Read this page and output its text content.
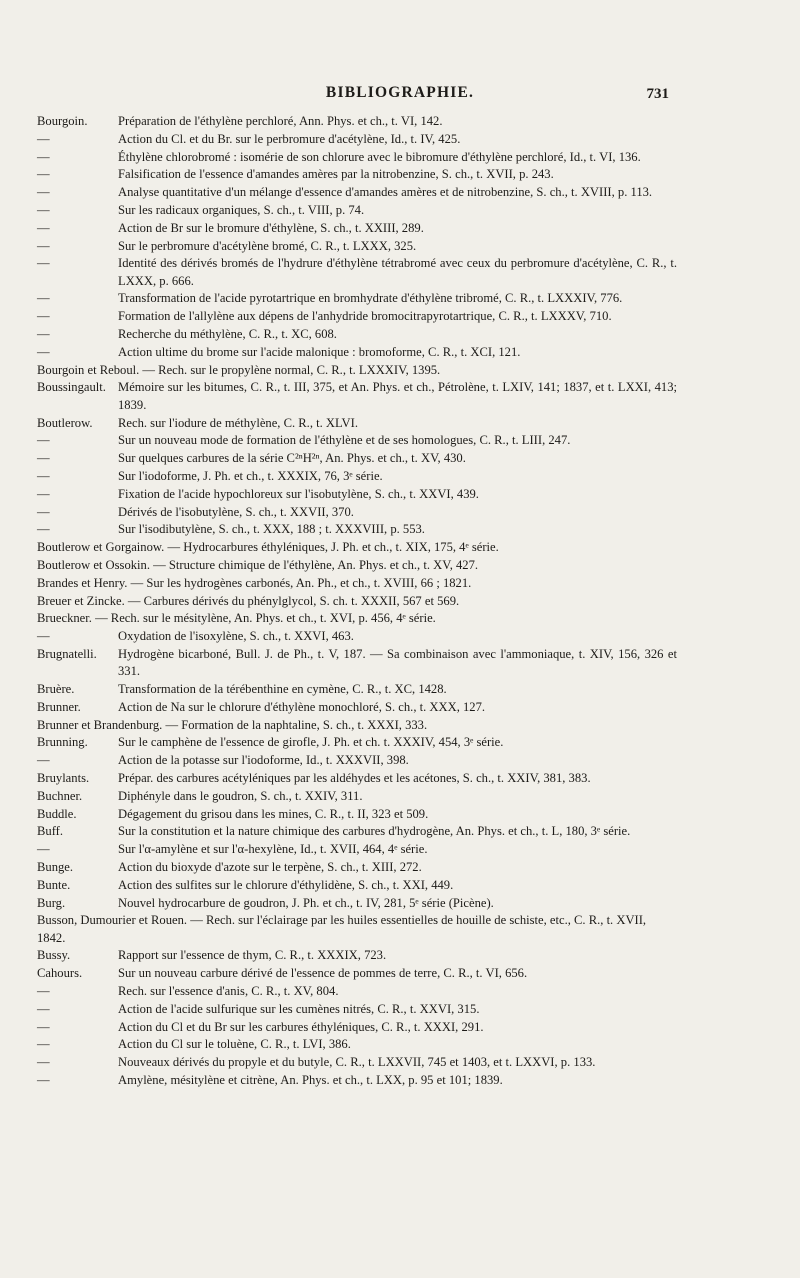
BIBLIOGRAPHIE.	731
Bourgoin. Préparation de l'éthylène perchloré, Ann. Phys. et ch., t. VI, 142.
—	Action du Cl. et du Br. sur le perbromure d'acétylène, Id., t. IV, 425.
—	Éthylène chlorobromé : isomérie de son chlorure avec le bibromure d'éthylène perchloré, Id., t. VI, 136.
—	Falsification de l'essence d'amandes amères par la nitrobenzine, S. ch., t. XVII, p. 243.
—	Analyse quantitative d'un mélange d'essence d'amandes amères et de nitrobenzine, S. ch., t. XVIII, p. 113.
—	Sur les radicaux organiques, S. ch., t. VIII, p. 74.
—	Action de Br sur le bromure d'éthylène, S. ch., t. XXIII, 289.
—	Sur le perbromure d'acétylène bromé, C. R., t. LXXX, 325.
—	Identité des dérivés bromés de l'hydrure d'éthylène tétrabromé avec ceux du perbromure d'acétylène, C. R., t. LXXX, p. 666.
—	Transformation de l'acide pyrotartrique en bromhydrate d'éthylène tribromé, C. R., t. LXXXIV, 776.
—	Formation de l'allylène aux dépens de l'anhydride bromocitrapyrotartrique, C. R., t. LXXXV, 710.
—	Recherche du méthylène, C. R., t. XC, 608.
—	Action ultime du brome sur l'acide malonique : bromoforme, C. R., t. XCI, 121.
Bourgoin et Reboul. — Rech. sur le propylène normal, C. R., t. LXXXIV, 1395.
Boussingault. Mémoire sur les bitumes, C. R., t. III, 375, et An. Phys. et ch., Pétrolène, t. LXIV, 141; 1837, et t. LXXI, 413; 1839.
Boutlerow. Rech. sur l'iodure de méthylène, C. R., t. XLVI.
—	Sur un nouveau mode de formation de l'éthylène et de ses homologues, C. R., t. LIII, 247.
—	Sur quelques carbures de la série C²ⁿH²ⁿ, An. Phys. et ch., t. XV, 430.
—	Sur l'iodoforme, J. Ph. et ch., t. XXXIX, 76, 3ᵉ série.
—	Fixation de l'acide hypochloreux sur l'isobutylène, S. ch., t. XXVI, 439.
—	Dérivés de l'isobutylène, S. ch., t. XXVII, 370.
—	Sur l'isodibutylène, S. ch., t. XXX, 188 ; t. XXXVIII, p. 553.
Boutlerow et Gorgainow. — Hydrocarbures éthyléniques, J. Ph. et ch., t. XIX, 175, 4ᵉ série.
Boutlerow et Ossokin. — Structure chimique de l'éthylène, An. Phys. et ch., t. XV, 427.
Brandes et Henry. — Sur les hydrogènes carbonés, An. Ph., et ch., t. XVIII, 66 ; 1821.
Breuer et Zincke. — Carbures dérivés du phénylglycol, S. ch. t. XXXII, 567 et 569.
Brueckner. — Rech. sur le mésitylène, An. Phys. et ch., t. XVI, p. 456, 4ᵉ série.
—	Oxydation de l'isoxylène, S. ch., t. XXVI, 463.
Brugnatelli. Hydrogène bicarboné, Bull. J. de Ph., t. V, 187. — Sa combinaison avec l'ammoniaque, t. XIV, 156, 326 et 331.
Bruère.	Transformation de la térébenthine en cymène, C. R., t. XC, 1428.
Brunner.	Action de Na sur le chlorure d'éthylène monochloré, S. ch., t. XXX, 127.
Brunner et Brandenburg. — Formation de la naphtaline, S. ch., t. XXXI, 333.
Brunning. Sur le camphène de l'essence de girofle, J. Ph. et ch. t. XXXIV, 454, 3ᵉ série.
—	Action de la potasse sur l'iodoforme, Id., t. XXXVII, 398.
Bruylants. Prépar. des carbures acétyléniques par les aldéhydes et les acétones, S. ch., t. XXIV, 381, 383.
Buchner.	Diphényle dans le goudron, S. ch., t. XXIV, 311.
Buddle.	Dégagement du grisou dans les mines, C. R., t. II, 323 et 509.
Buff.	Sur la constitution et la nature chimique des carbures d'hydrogène, An. Phys. et ch., t. L, 180, 3ᵉ série.
—	Sur l'α-amylène et sur l'α-hexylène, Id., t. XVII, 464, 4ᵉ série.
Bunge.	Action du bioxyde d'azote sur le terpène, S. ch., t. XIII, 272.
Bunte.	Action des sulfites sur le chlorure d'éthylidène, S. ch., t. XXI, 449.
Burg.	Nouvel hydrocarbure de goudron, J. Ph. et ch., t. IV, 281, 5ᵉ série (Picène).
Busson, Dumourier et Rouen. — Rech. sur l'éclairage par les huiles essentielles de houille de schiste, etc., C. R., t. XVII, 1842.
Bussy.	Rapport sur l'essence de thym, C. R., t. XXXIX, 723.
Cahours.	Sur un nouveau carbure dérivé de l'essence de pommes de terre, C. R., t. VI, 656.
—	Rech. sur l'essence d'anis, C. R., t. XV, 804.
—	Action de l'acide sulfurique sur les cumènes nitrés, C. R., t. XXVI, 315.
—	Action du Cl et du Br sur les carbures éthyléniques, C. R., t. XXXI, 291.
—	Action du Cl sur le toluène, C. R., t. LVI, 386.
—	Nouveaux dérivés du propyle et du butyle, C. R., t. LXXVII, 745 et 1403, et t. LXXVI, p. 133.
—	Amylène, mésitylène et citrène, An. Phys. et ch., t. LXX, p. 95 et 101; 1839.
